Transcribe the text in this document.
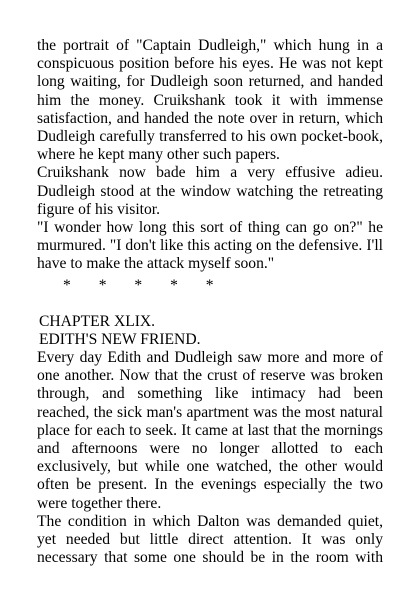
the portrait of "Captain Dudleigh," which hung in a conspicuous position before his eyes. He was not kept long waiting, for Dudleigh soon returned, and handed him the money. Cruikshank took it with immense satisfaction, and handed the note over in return, which Dudleigh carefully transferred to his own pocket-book, where he kept many other such papers.

Cruikshank now bade him a very effusive adieu. Dudleigh stood at the window watching the retreating figure of his visitor.

"I wonder how long this sort of thing can go on?" he murmured. "I don't like this acting on the defensive. I'll have to make the attack myself soon."

* * * * *

CHAPTER XLIX.

EDITH'S NEW FRIEND.

Every day Edith and Dudleigh saw more and more of one another. Now that the crust of reserve was broken through, and something like intimacy had been reached, the sick man's apartment was the most natural place for each to seek. It came at last that the mornings and afternoons were no longer allotted to each exclusively, but while one watched, the other would often be present. In the evenings especially the two were together there.

The condition in which Dalton was demanded quiet, yet needed but little direct attention. It was only necessary that some one should be in the room with
